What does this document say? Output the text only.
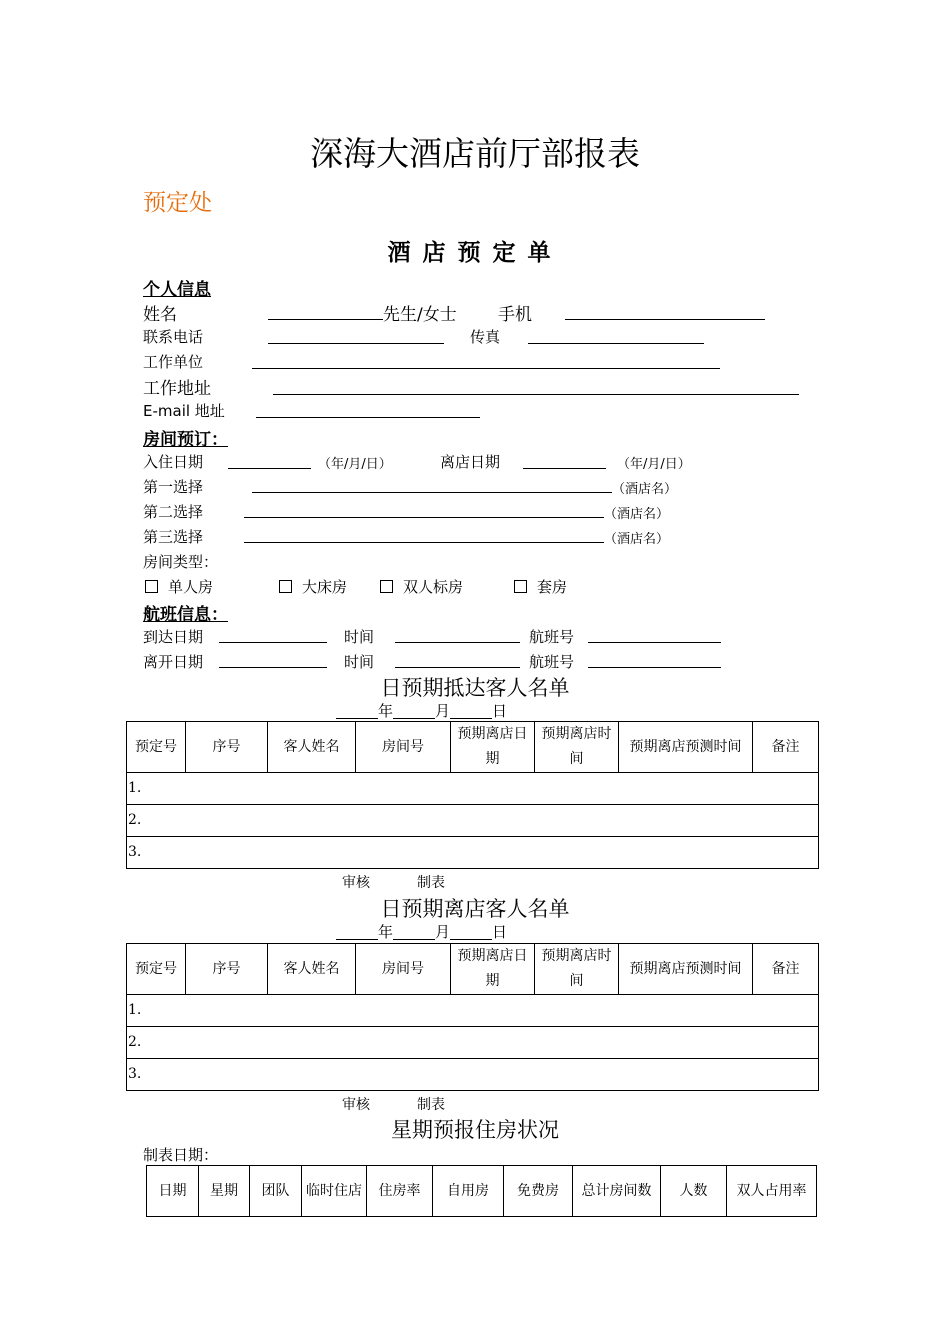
深海大酒店前厅部报表
预定处
酒店预定单
个人信息
姓名	先生/女士 手机
联系电话	传真
工作单位
工作地址
E-mail 地址
房间预订：
入住日期	（年/月/日）	离店日期	（年/月/日）
第一选择	（酒店名）
第二选择	（酒店名）
第三选择	（酒店名）
房间类型：
单人房	大床房	双人标房	套房
航班信息：
到达日期	时间	航班号
离开日期	时间	航班号
日预期抵达客人名单
年	月	日
预定号	序号	客人姓名	房间号	预期离店日期	预期离店时间	预期离店预测时间	备注
1.
2.
3.
审核	制表
日预期离店客人名单
年	月	日
预定号	序号	客人姓名	房间号	预期离店日期	预期离店时间	预期离店预测时间	备注
1.
2.
3.
审核	制表
星期预报住房状况
制表日期：
日期	星期	团队	临时住店	住房率	自用房	免费房	总计房间数	人数	双人占用率
